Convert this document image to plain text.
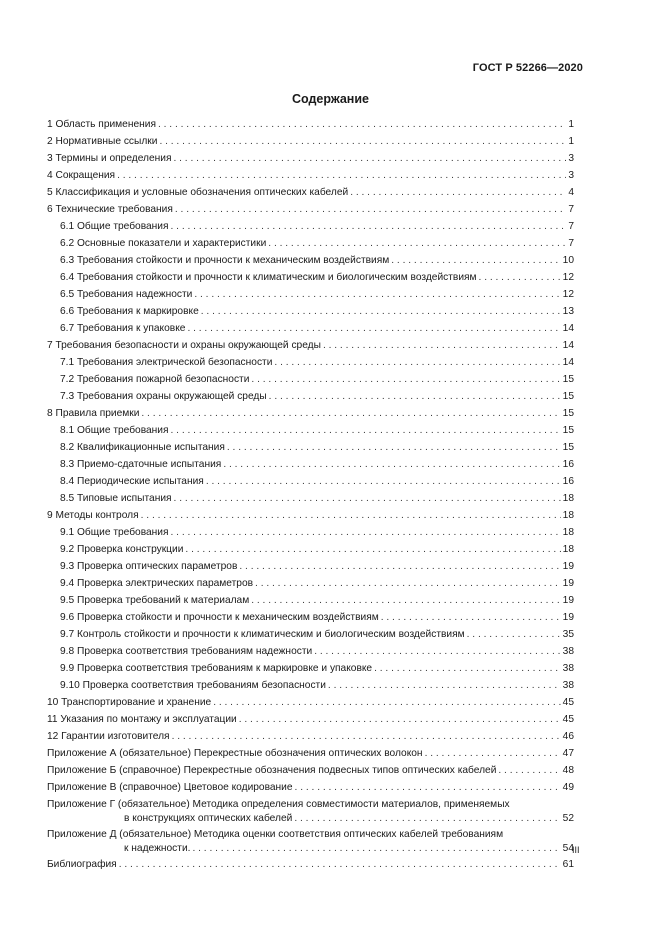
ГОСТ Р 52266—2020
Содержание
1 Область применения . . .	1
2 Нормативные ссылки . . .	1
3 Термины и определения . . .	3
4 Сокращения . . .	3
5 Классификация и условные обозначения оптических кабелей . . .	4
6 Технические требования . . .	7
6.1 Общие требования . . .	7
6.2 Основные показатели и характеристики . . .	7
6.3 Требования стойкости и прочности к механическим воздействиям . . .	10
6.4 Требования стойкости и прочности к климатическим и биологическим воздействиям . . .	12
6.5 Требования надежности . . .	12
6.6 Требования к маркировке . . .	13
6.7 Требования к упаковке . . .	14
7 Требования безопасности и охраны окружающей среды . . .	14
7.1 Требования электрической безопасности . . .	14
7.2 Требования пожарной безопасности . . .	15
7.3 Требования охраны окружающей среды . . .	15
8 Правила приемки . . .	15
8.1 Общие требования . . .	15
8.2 Квалификационные испытания . . .	15
8.3 Приемо-сдаточные испытания . . .	16
8.4 Периодические испытания . . .	16
8.5 Типовые испытания . . .	18
9 Методы контроля . . .	18
9.1 Общие требования . . .	18
9.2 Проверка конструкции . . .	18
9.3 Проверка оптических параметров . . .	19
9.4 Проверка электрических параметров . . .	19
9.5 Проверка требований к материалам . . .	19
9.6 Проверка стойкости и прочности к механическим воздействиям . . .	19
9.7 Контроль стойкости и прочности к климатическим и биологическим воздействиям . . .	35
9.8 Проверка соответствия требованиям надежности . . .	38
9.9 Проверка соответствия требованиям к маркировке и упаковке . . .	38
9.10 Проверка соответствия требованиям безопасности . . .	38
10 Транспортирование и хранение . . .	45
11 Указания по монтажу и эксплуатации . . .	45
12 Гарантии изготовителя . . .	46
Приложение А (обязательное) Перекрестные обозначения оптических волокон . . .	47
Приложение Б (справочное) Перекрестные обозначения подвесных типов оптических кабелей . . .	48
Приложение В (справочное) Цветовое кодирование . . .	49
Приложение Г (обязательное) Методика определения совместимости материалов, применяемых
в конструкциях оптических кабелей . . .	52
Приложение Д (обязательное) Методика оценки соответствия оптических кабелей требованиям
к надежности. . . .	54
Библиография . . .	61
III
